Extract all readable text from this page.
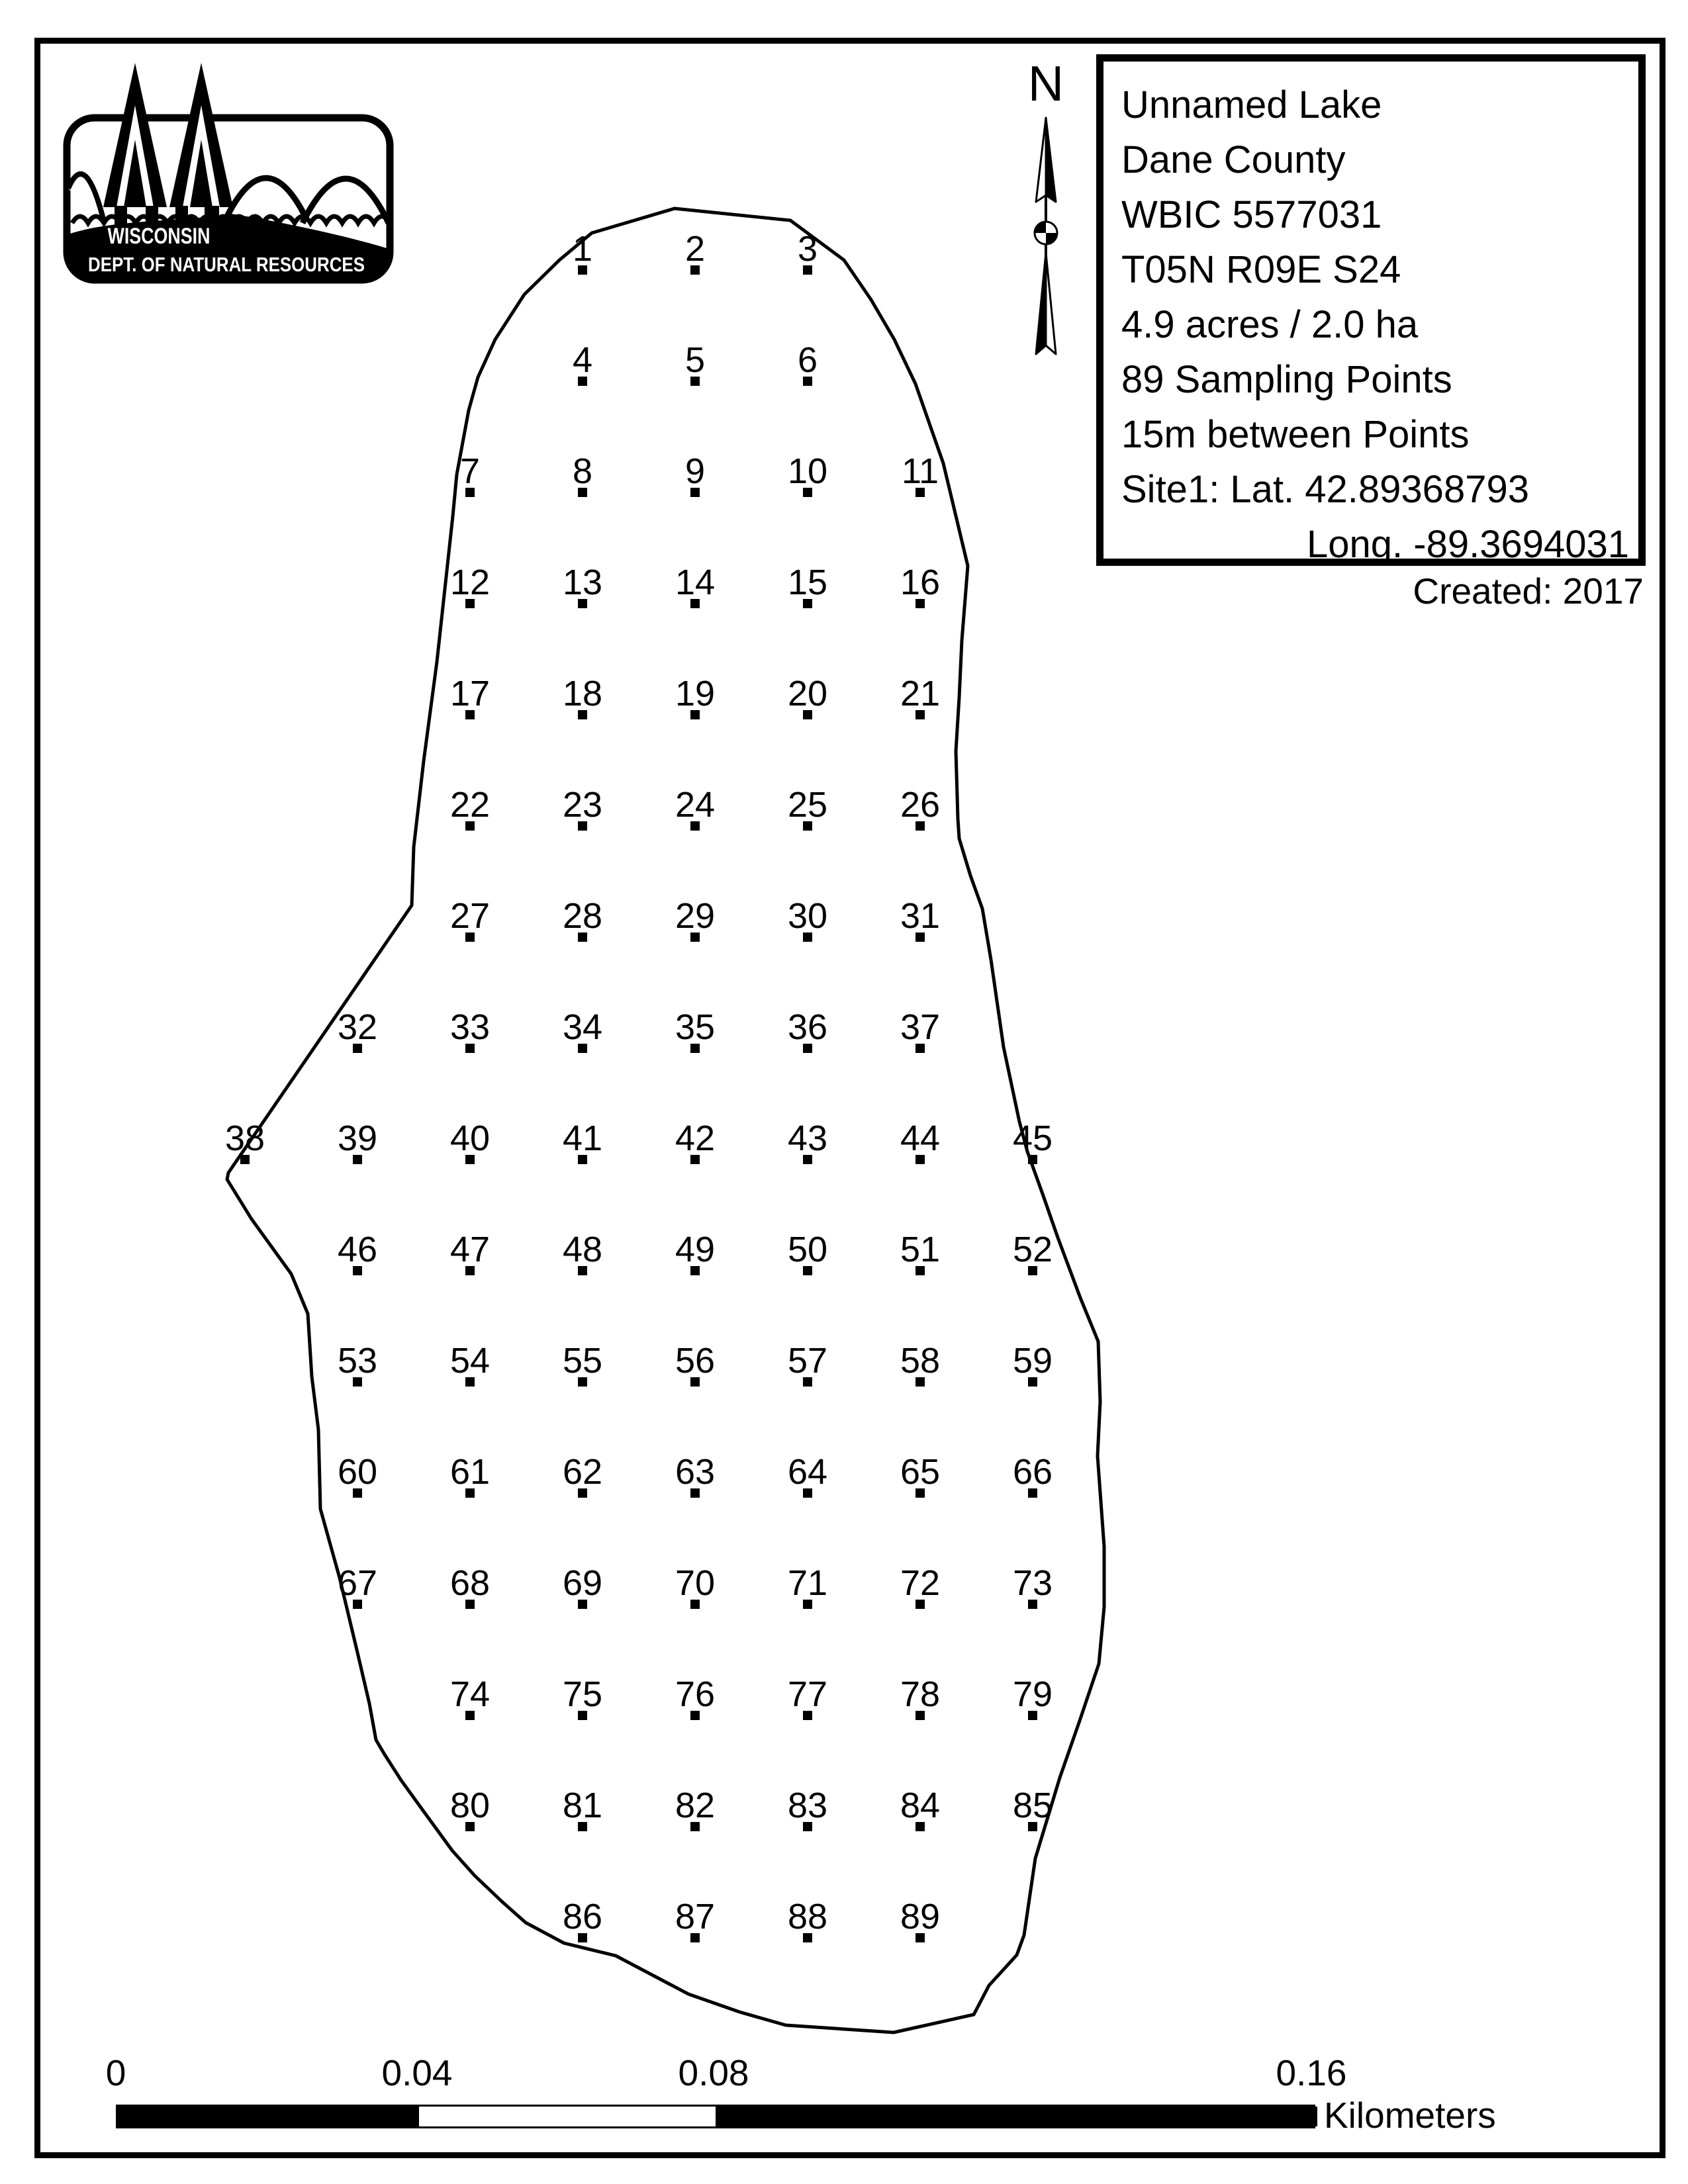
WISCONSIN
DEPT. OF NATURAL RESOURCES
N Unnamed Lake
Dane County
WBIC 5577031
T05N R09E S24
4.9 acres / 2.0 ha
89 Sampling Points
15m between Points
Site1: Lat. 42.89368793
Long. -89.3694031
Created: 2017
1	2	3
4	5	6
7	8	9 10 11
12 13 14 15 16
17 18 19 20 21
22 23 24 25 26
27 28 29 30 31
32 33 34 35 36 37
38 39 40 41 42 43 44 45
46 47 48 49 50 51 52
53 54 55 56 57 58 59
60 61 62 63 64 65 66
67 68 69 70 71 72 73
74 75 76 77 78 79
80 81 82 83 84 85
86 87 88 89
0	0.04	0.08	0.16
Kilometers
